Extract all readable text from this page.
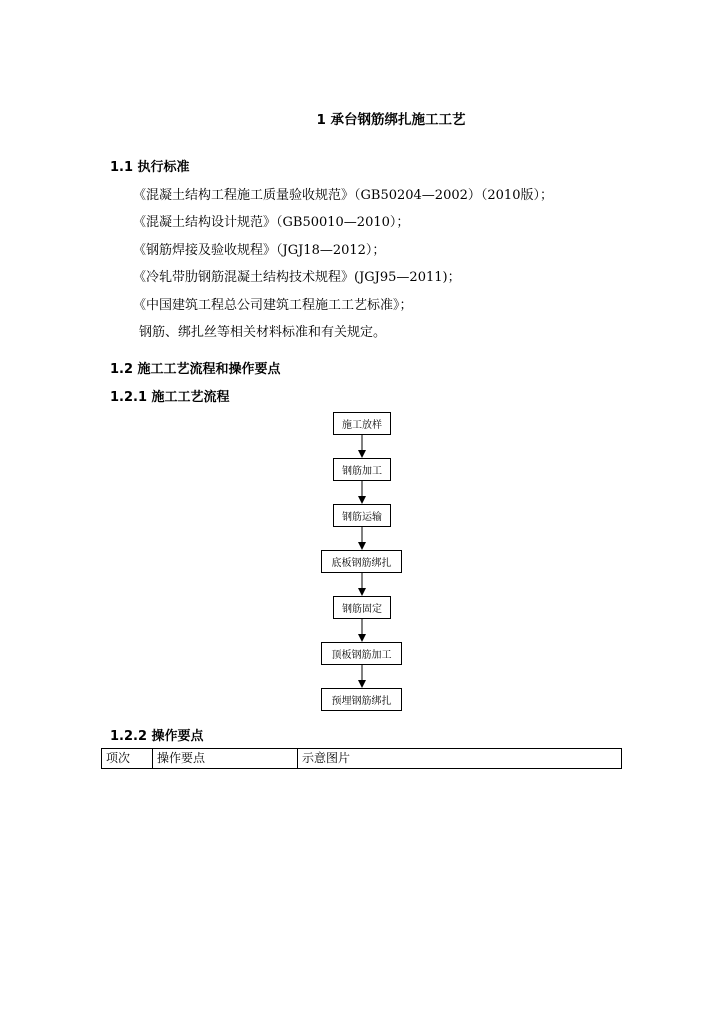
1 承台钢筋绑扎施工工艺
1.1 执行标准
《混凝土结构工程施工质量验收规范》（GB50204—2002）（2010版）；
《混凝土结构设计规范》（GB50010—2010）；
《钢筋焊接及验收规程》（JGJ18—2012）；
《冷轧带肋钢筋混凝土结构技术规程》(JGJ95—2011)；
《中国建筑工程总公司建筑工程施工工艺标准》；
钢筋、绑扎丝等相关材料标准和有关规定。
1.2 施工工艺流程和操作要点
1.2.1 施工工艺流程
施工放样
钢筋加工
钢筋运输
底板钢筋绑扎
钢筋固定
顶板钢筋加工
预埋钢筋绑扎
1.2.2 操作要点
项次	操作要点	示意图片
